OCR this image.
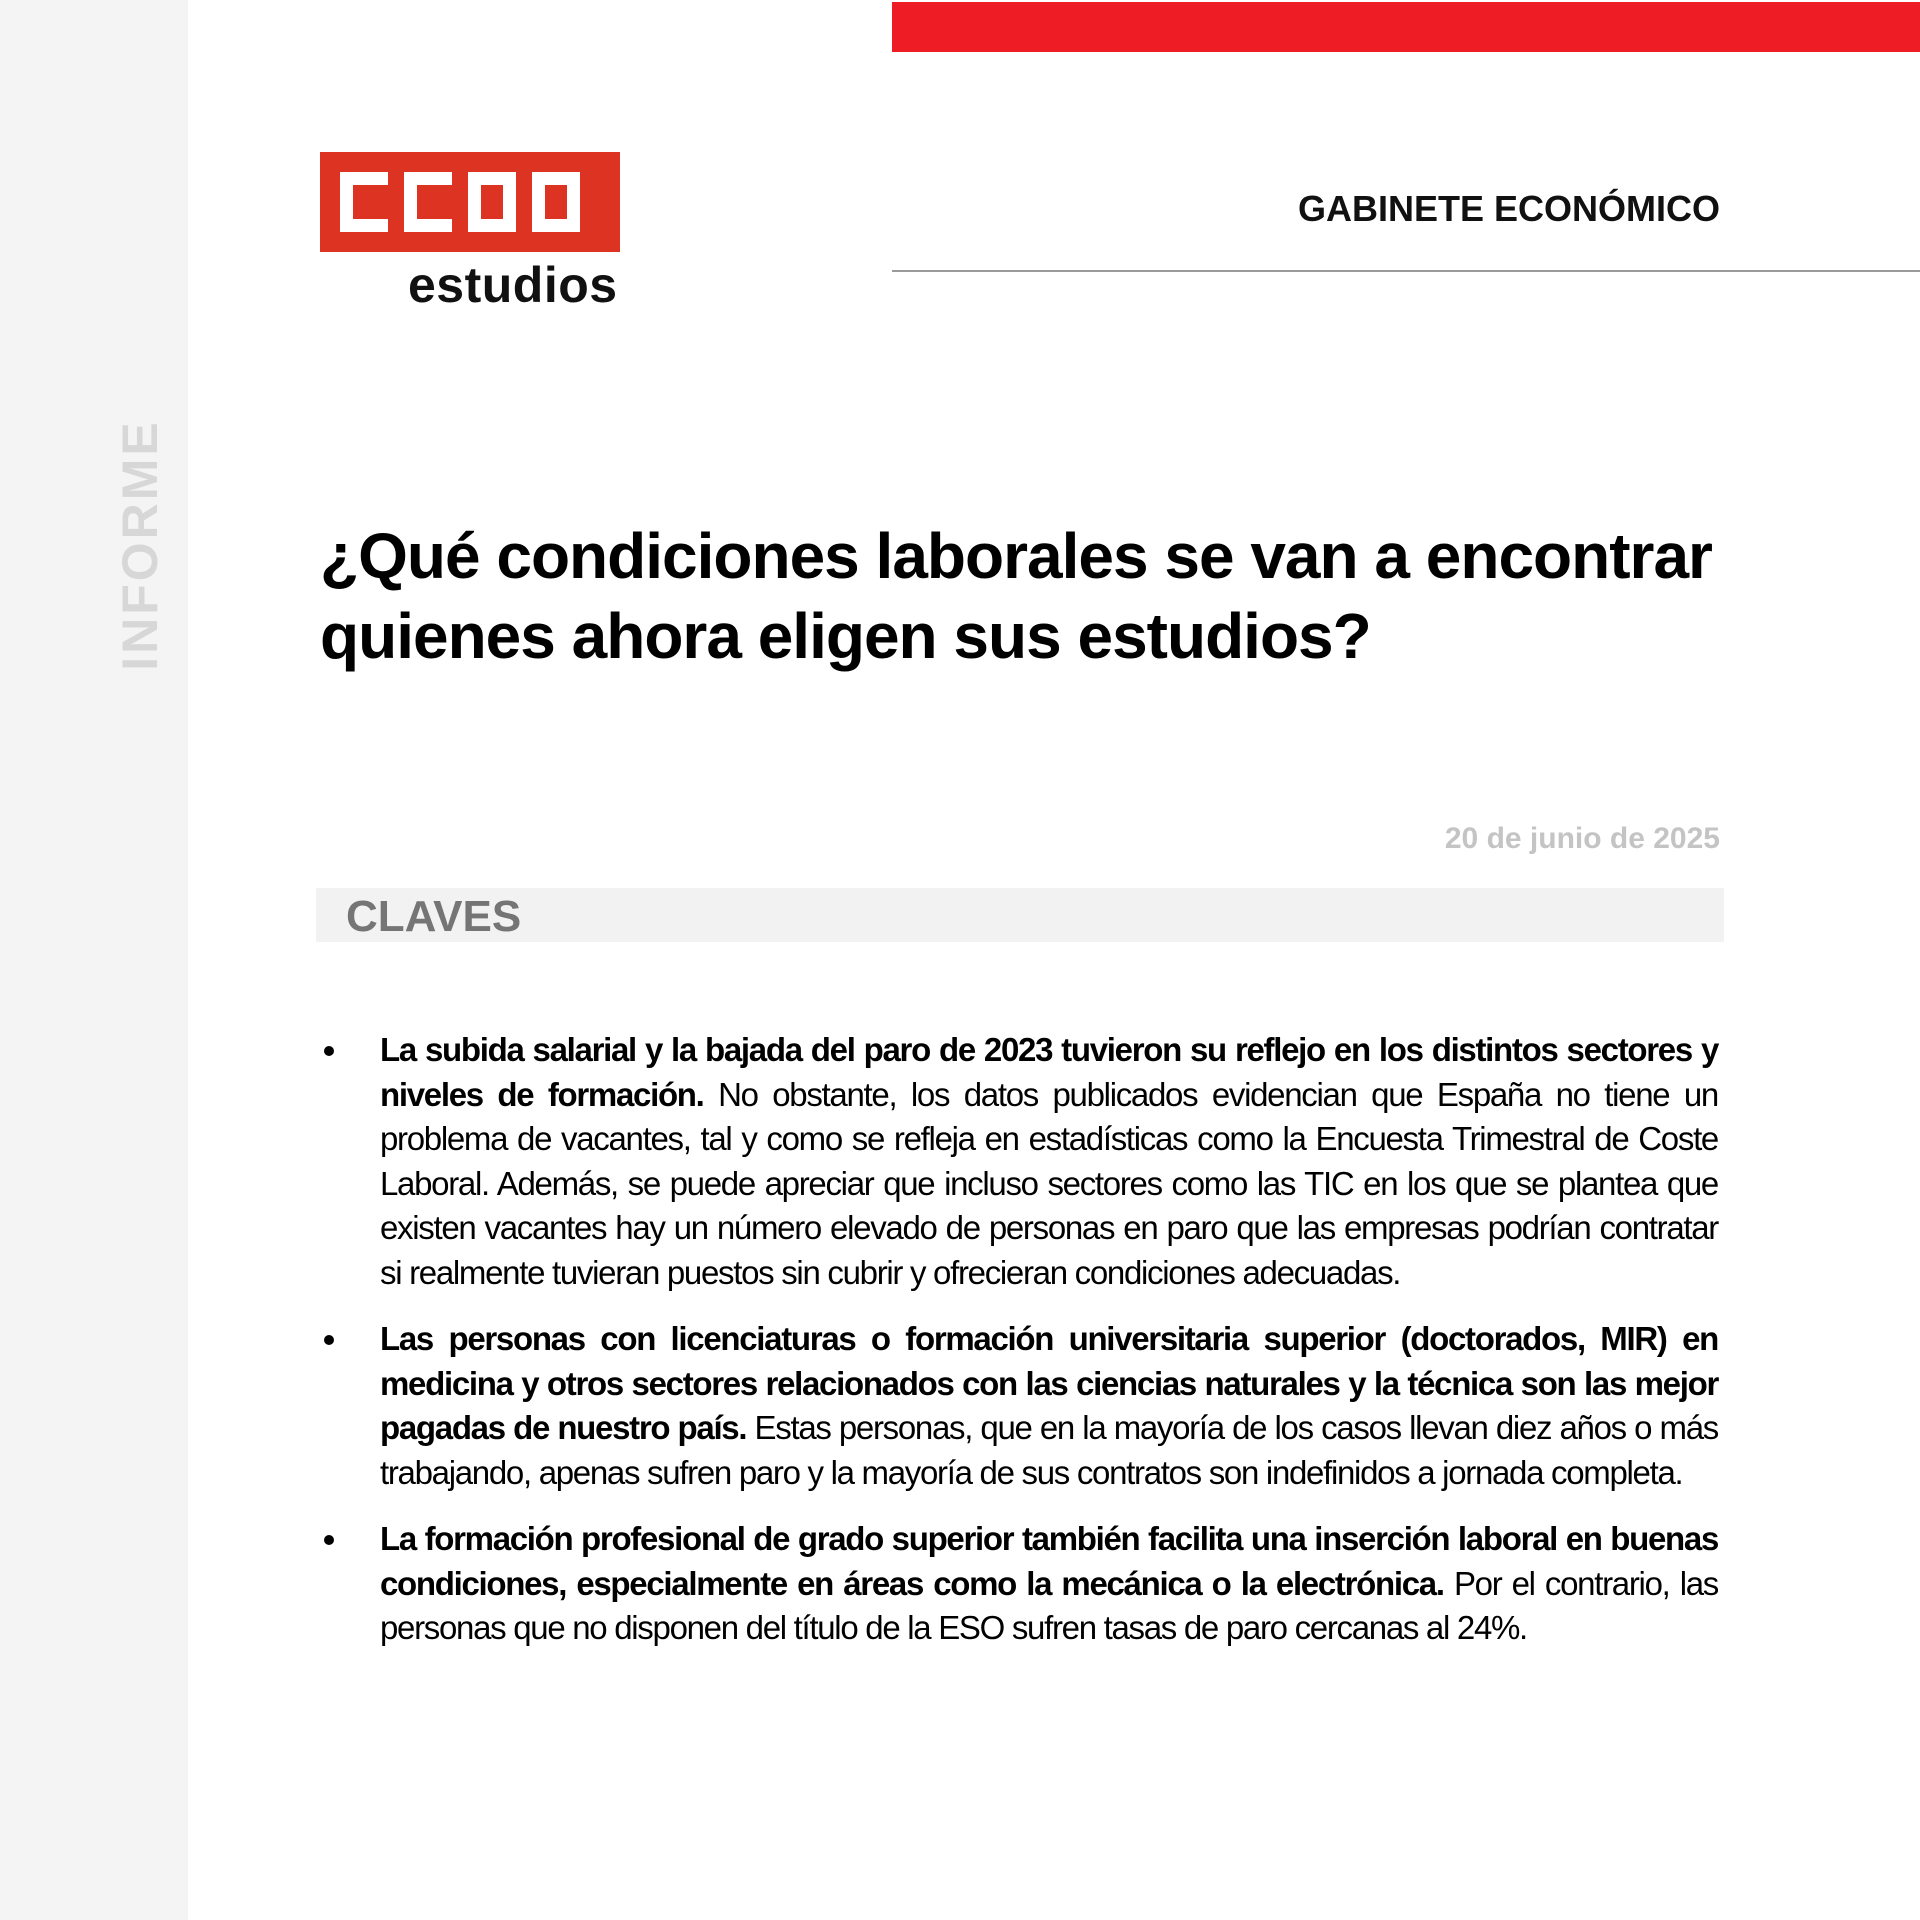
INFORME
estudios
GABINETE ECONÓMICO
¿Qué condiciones laborales se van a encontrar
quienes ahora eligen sus estudios?
20 de junio de 2025
CLAVES
La subida salarial y la bajada del paro de 2023 tuvieron su reflejo en los distintos sectores y niveles de formación. No obstante, los datos publicados evidencian que España no tiene un problema de vacantes, tal y como se refleja en estadísticas como la Encuesta Trimestral de Coste Laboral. Además, se puede apreciar que incluso sectores como las TIC en los que se plantea que existen vacantes hay un número elevado de personas en paro que las empresas podrían contratar si realmente tuvieran puestos sin cubrir y ofrecieran condiciones adecuadas.
Las personas con licenciaturas o formación universitaria superior (doctorados, MIR) en medicina y otros sectores relacionados con las ciencias naturales y la técnica son las mejor pagadas de nuestro país. Estas personas, que en la mayoría de los casos llevan diez años o más trabajando, apenas sufren paro y la mayoría de sus contratos son indefinidos a jornada completa.
La formación profesional de grado superior también facilita una inserción laboral en buenas condiciones, especialmente en áreas como la mecánica o la electrónica. Por el contrario, las personas que no disponen del título de la ESO sufren tasas de paro cercanas al 24%.
